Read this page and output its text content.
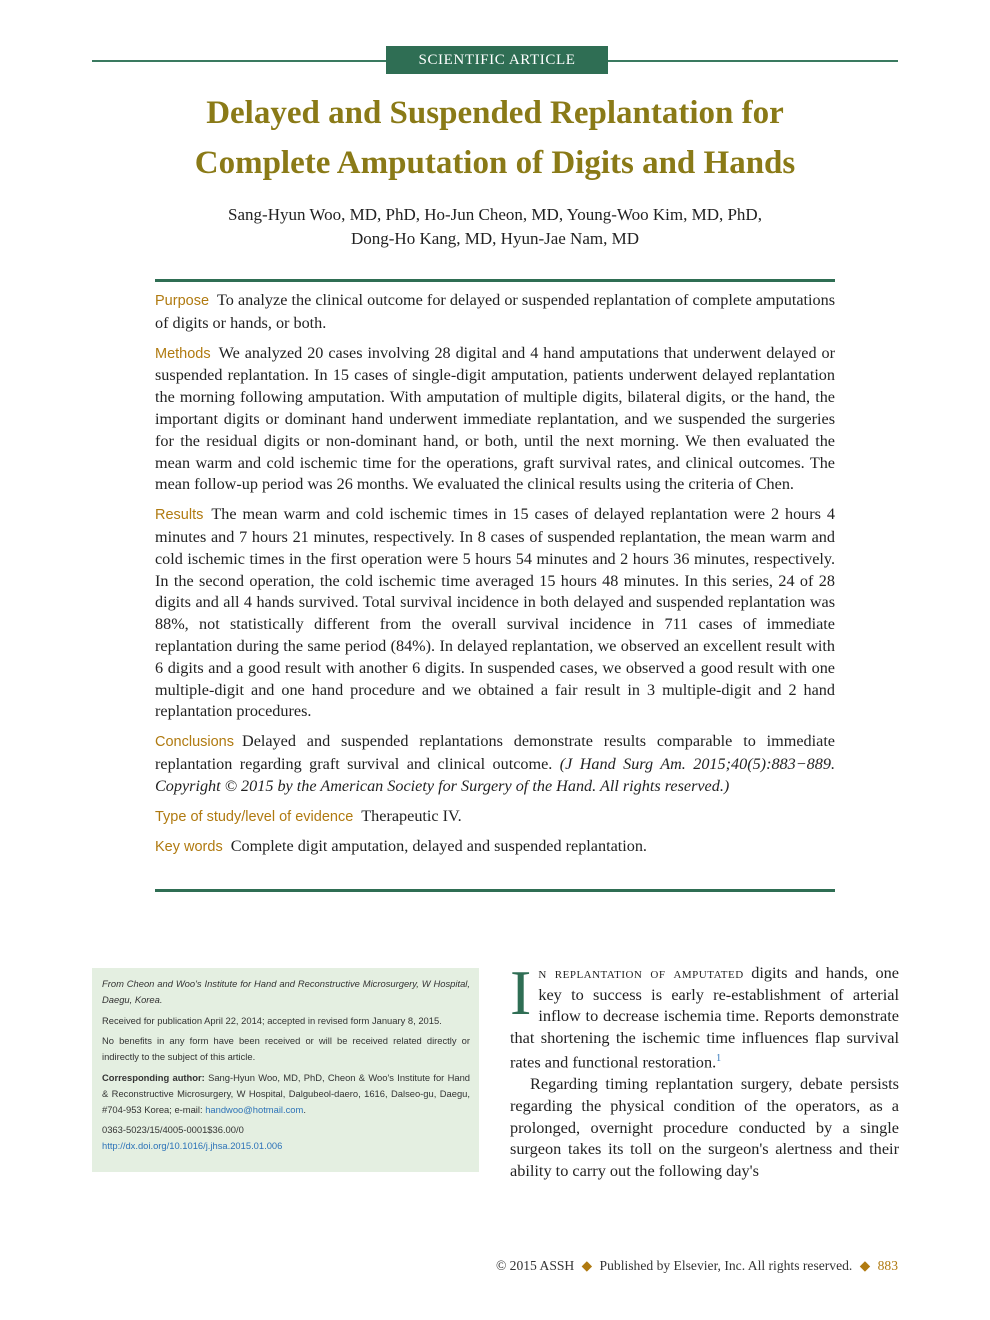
SCIENTIFIC ARTICLE
Delayed and Suspended Replantation for
Complete Amputation of Digits and Hands
Sang-Hyun Woo, MD, PhD, Ho-Jun Cheon, MD, Young-Woo Kim, MD, PhD,
Dong-Ho Kang, MD, Hyun-Jae Nam, MD

Purpose To analyze the clinical outcome for delayed or suspended replantation of complete amputations of digits or hands, or both.

Methods We analyzed 20 cases involving 28 digital and 4 hand amputations that underwent delayed or suspended replantation. In 15 cases of single-digit amputation, patients underwent delayed replantation the morning following amputation. With amputation of multiple digits, bilateral digits, or the hand, the important digits or dominant hand underwent immediate replantation, and we suspended the surgeries for the residual digits or non-dominant hand, or both, until the next morning. We then evaluated the mean warm and cold ischemic time for the operations, graft survival rates, and clinical outcomes. The mean follow-up period was 26 months. We evaluated the clinical results using the criteria of Chen.

Results The mean warm and cold ischemic times in 15 cases of delayed replantation were 2 hours 4 minutes and 7 hours 21 minutes, respectively. In 8 cases of suspended replantation, the mean warm and cold ischemic times in the first operation were 5 hours 54 minutes and 2 hours 36 minutes, respectively. In the second operation, the cold ischemic time averaged 15 hours 48 minutes. In this series, 24 of 28 digits and all 4 hands survived. Total survival incidence in both delayed and suspended replantation was 88%, not statistically different from the overall survival incidence in 711 cases of immediate replantation during the same period (84%). In delayed replantation, we observed an excellent result with 6 digits and a good result with another 6 digits. In suspended cases, we observed a good result with one multiple-digit and one hand procedure and we obtained a fair result in 3 multiple-digit and 2 hand replantation procedures.

Conclusions Delayed and suspended replantations demonstrate results comparable to immediate replantation regarding graft survival and clinical outcome. (J Hand Surg Am. 2015;40(5):883−889. Copyright © 2015 by the American Society for Surgery of the Hand. All rights reserved.)

Type of study/level of evidence Therapeutic IV.

Key words Complete digit amputation, delayed and suspended replantation.

From Cheon and Woo's Institute for Hand and Reconstructive Microsurgery, W Hospital, Daegu, Korea.

Received for publication April 22, 2014; accepted in revised form January 8, 2015.

No benefits in any form have been received or will be received related directly or indirectly to the subject of this article.

Corresponding author: Sang-Hyun Woo, MD, PhD, Cheon & Woo's Institute for Hand & Reconstructive Microsurgery, W Hospital, Dalgubeol-daero, 1616, Dalseo-gu, Daegu, #704-953 Korea; e-mail: handwoo@hotmail.com.

0363-5023/15/4005-0001$36.00/0
http://dx.doi.org/10.1016/j.jhsa.2015.01.006

In replantation of amputated digits and hands, one key to success is early re-establishment of arterial inflow to decrease ischemia time. Reports demonstrate that shortening the ischemic time influences flap survival rates and functional restoration.$^1$

Regarding timing replantation surgery, debate persists regarding the physical condition of the operators, as a prolonged, overnight procedure conducted by a single surgeon takes its toll on the surgeon's alertness and their ability to carry out the following day's

© 2015 ASSH ◆ Published by Elsevier, Inc. All rights reserved. ◆ 883
